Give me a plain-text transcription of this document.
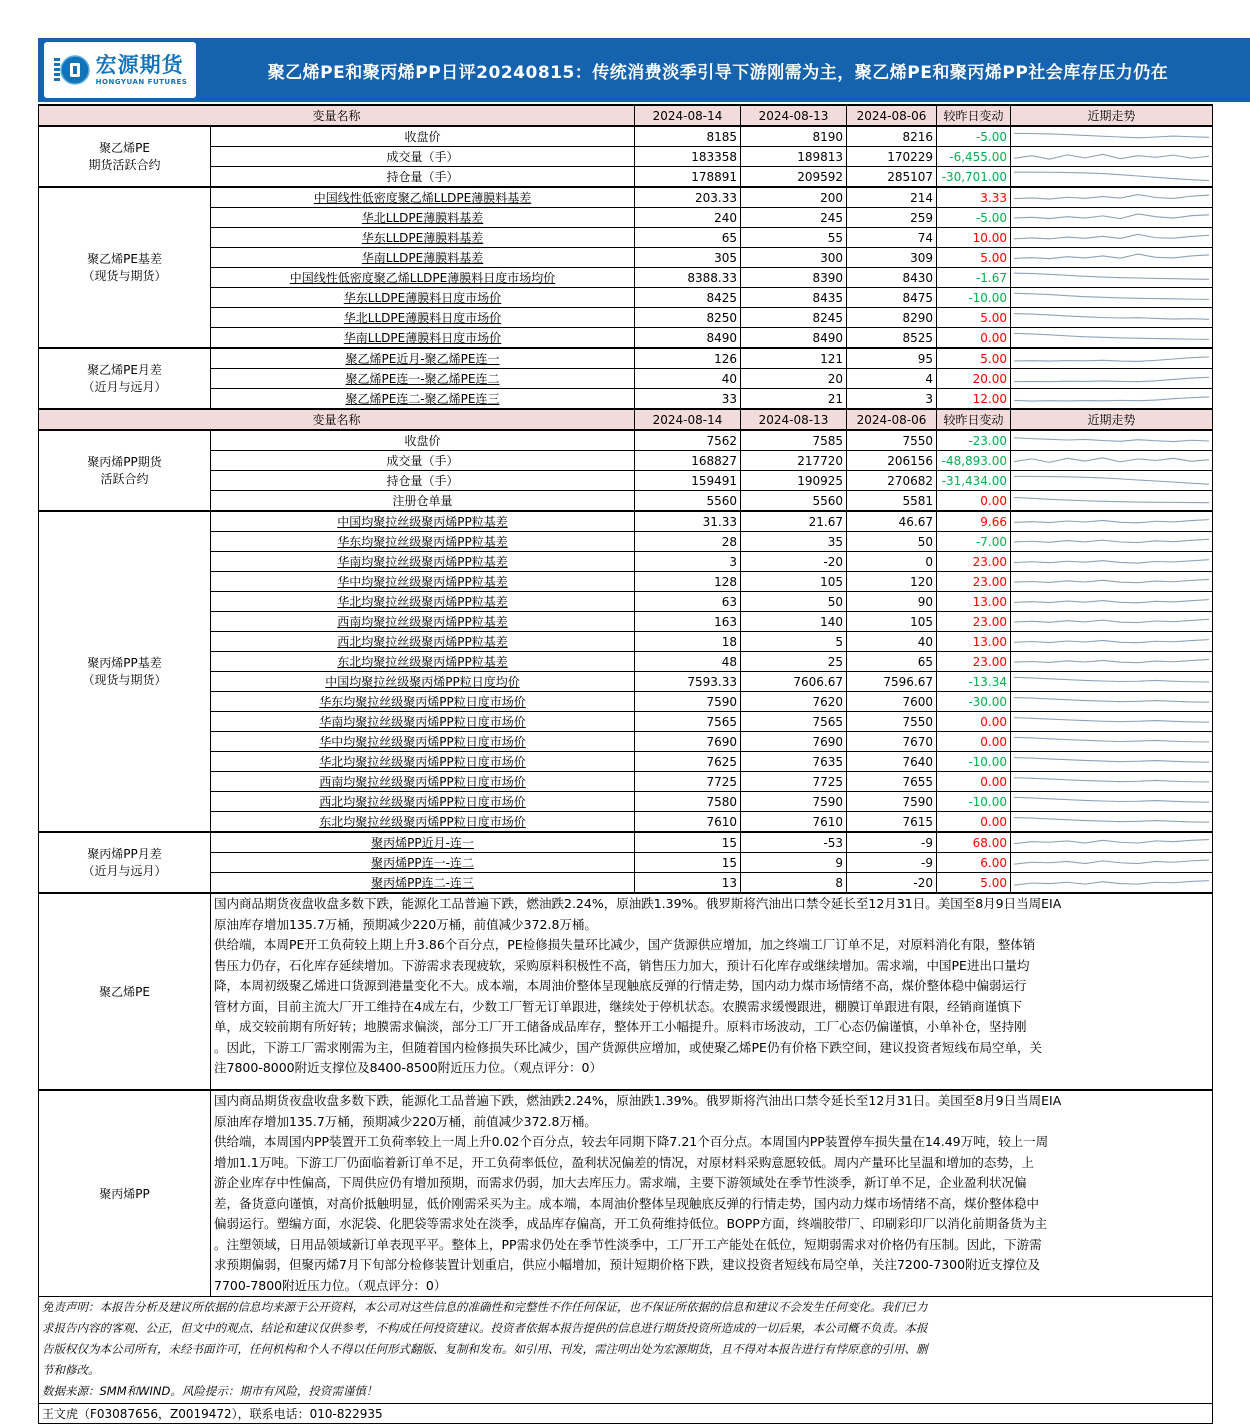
宏源期货
HONGYUAN FUTURES	聚乙烯PE和聚丙烯PP日评20240815：传统消费淡季引导下游刚需为主，聚乙烯PE和聚丙烯PP社会库存压力仍在
变量名称		2024-08-14	2024-08-13	2024-08-06	较昨日变动	近期走势
聚乙烯PE
期货活跃合约	收盘价	8185	8190	8216	-5.00	

	成交量（手）	183358	189813	170229	-6,455.00	

	持仓量（手）	178891	209592	285107	-30,701.00	

聚乙烯PE基差
（现货与期货）	中国线性低密度聚乙烯LLDPE薄膜料基差	203.33	200	214	3.33	

	华北LLDPE薄膜料基差	240	245	259	-5.00	

	华东LLDPE薄膜料基差	65	55	74	10.00	

	华南LLDPE薄膜料基差	305	300	309	5.00	

	中国线性低密度聚乙烯LLDPE薄膜料日度市场均价	8388.33	8390	8430	-1.67	

	华东LLDPE薄膜料日度市场价	8425	8435	8475	-10.00	

	华北LLDPE薄膜料日度市场价	8250	8245	8290	5.00	

	华南LLDPE薄膜料日度市场价	8490	8490	8525	0.00	

聚乙烯PE月差
（近月与远月）	聚乙烯PE近月-聚乙烯PE连一	126	121	95	5.00	

	聚乙烯PE连一-聚乙烯PE连二	40	20	4	20.00	

	聚乙烯PE连二-聚乙烯PE连三	33	21	3	12.00	

变量名称		2024-08-14	2024-08-13	2024-08-06	较昨日变动	近期走势
聚丙烯PP期货
活跃合约	收盘价	7562	7585	7550	-23.00	

	成交量（手）	168827	217720	206156	-48,893.00	

	持仓量（手）	159491	190925	270682	-31,434.00	

	注册仓单量	5560	5560	5581	0.00	

聚丙烯PP基差
（现货与期货）	中国均聚拉丝级聚丙烯PP粒基差	31.33	21.67	46.67	9.66	

	华东均聚拉丝级聚丙烯PP粒基差	28	35	50	-7.00	

	华南均聚拉丝级聚丙烯PP粒基差	3	-20	0	23.00	

	华中均聚拉丝级聚丙烯PP粒基差	128	105	120	23.00	

	华北均聚拉丝级聚丙烯PP粒基差	63	50	90	13.00	

	西南均聚拉丝级聚丙烯PP粒基差	163	140	105	23.00	

	西北均聚拉丝级聚丙烯PP粒基差	18	5	40	13.00	

	东北均聚拉丝级聚丙烯PP粒基差	48	25	65	23.00	

	中国均聚拉丝级聚丙烯PP粒日度均价	7593.33	7606.67	7596.67	-13.34	

	华东均聚拉丝级聚丙烯PP粒日度市场价	7590	7620	7600	-30.00	

	华南均聚拉丝级聚丙烯PP粒日度市场价	7565	7565	7550	0.00	

	华中均聚拉丝级聚丙烯PP粒日度市场价	7690	7690	7670	0.00	

	华北均聚拉丝级聚丙烯PP粒日度市场价	7625	7635	7640	-10.00	

	西南均聚拉丝级聚丙烯PP粒日度市场价	7725	7725	7655	0.00	

	西北均聚拉丝级聚丙烯PP粒日度市场价	7580	7590	7590	-10.00	

	东北均聚拉丝级聚丙烯PP粒日度市场价	7610	7610	7615	0.00	

聚丙烯PP月差
（近月与远月）	聚丙烯PP近月-连一	15	-53	-9	68.00	

	聚丙烯PP连一-连二	15	9	-9	6.00	

	聚丙烯PP连二-连三	13	8	-20	5.00	

聚乙烯PE	
国内商品期货夜盘收盘多数下跌，能源化工品普遍下跌，燃油跌2.24%，原油跌1.39%。俄罗斯将汽油出口禁令延长至12月31日。美国至8月9日当周EIA
原油库存增加135.7万桶，预期减少220万桶，前值减少372.8万桶。
供给端，本周PE开工负荷较上期上升3.86个百分点，PE检修损失量环比减少，国产货源供应增加，加之终端工厂订单不足，对原料消化有限，整体销
售压力仍存，石化库存延续增加。下游需求表现疲软，采购原料积极性不高，销售压力加大，预计石化库存或继续增加。需求端，中国PE进出口量均
降，本周初级聚乙烯进口货源到港量变化不大。成本端，本周油价整体呈现触底反弹的行情走势，国内动力煤市场情绪不高，煤价整体稳中偏弱运行
管材方面，目前主流大厂开工维持在4成左右，少数工厂暂无订单跟进，继续处于停机状态。农膜需求缓慢跟进，棚膜订单跟进有限，经销商谨慎下
单，成交较前期有所好转；地膜需求偏淡，部分工厂开工储备成品库存，整体开工小幅提升。原料市场波动，工厂心态仍偏谨慎，小单补仓，坚持刚
。因此，下游工厂需求刚需为主，但随着国内检修损失环比减少，国产货源供应增加，或使聚乙烯PE仍有价格下跌空间，建议投资者短线布局空单，关
注7800-8000附近支撑位及8400-8500附近压力位。（观点评分：0）

聚丙烯PP	
国内商品期货夜盘收盘多数下跌，能源化工品普遍下跌，燃油跌2.24%，原油跌1.39%。俄罗斯将汽油出口禁令延长至12月31日。美国至8月9日当周EIA
原油库存增加135.7万桶，预期减少220万桶，前值减少372.8万桶。
供给端，本周国内PP装置开工负荷率较上一周上升0.02个百分点，较去年同期下降7.21个百分点。本周国内PP装置停车损失量在14.49万吨，较上一周
增加1.1万吨。下游工厂仍面临着新订单不足，开工负荷率低位，盈利状况偏差的情况，对原材料采购意愿较低。周内产量环比呈温和增加的态势，上
游企业库存中性偏高，下周供应仍有增加预期，而需求仍弱，加大去库压力。需求端，主要下游领域处在季节性淡季，新订单不足，企业盈利状况偏
差，备货意向谨慎，对高价抵触明显，低价刚需采买为主。成本端，本周油价整体呈现触底反弹的行情走势，国内动力煤市场情绪不高，煤价整体稳中
偏弱运行。塑编方面，水泥袋、化肥袋等需求处在淡季，成品库存偏高，开工负荷维持低位。BOPP方面，终端胶带厂、印刷彩印厂以消化前期备货为主
。注塑领域，日用品领域新订单表现平平。整体上，PP需求仍处在季节性淡季中，工厂开工产能处在低位，短期弱需求对价格仍有压制。因此，下游需
求预期偏弱，但聚丙烯7月下旬部分检修装置计划重启，供应小幅增加，预计短期价格下跌，建议投资者短线布局空单，关注7200-7300附近支撑位及
7700-7800附近压力位。（观点评分：0）

免责声明：本报告分析及建议所依据的信息均来源于公开资料，本公司对这些信息的准确性和完整性不作任何保证，也不保证所依据的信息和建议不会发生任何变化。我们已力
求报告内容的客观、公正，但文中的观点、结论和建议仅供参考，不构成任何投资建议。投资者依据本报告提供的信息进行期货投资所造成的一切后果，本公司概不负责。本报
告版权仅为本公司所有，未经书面许可，任何机构和个人不得以任何形式翻版、复制和发布。如引用、刊发，需注明出处为宏源期货，且不得对本报告进行有悖原意的引用、删
节和修改。
数据来源：SMM和WIND。风险提示：期市有风险，投资需谨慎！						

王文虎（F03087656，Z0019472），联系电话：010-822935						
